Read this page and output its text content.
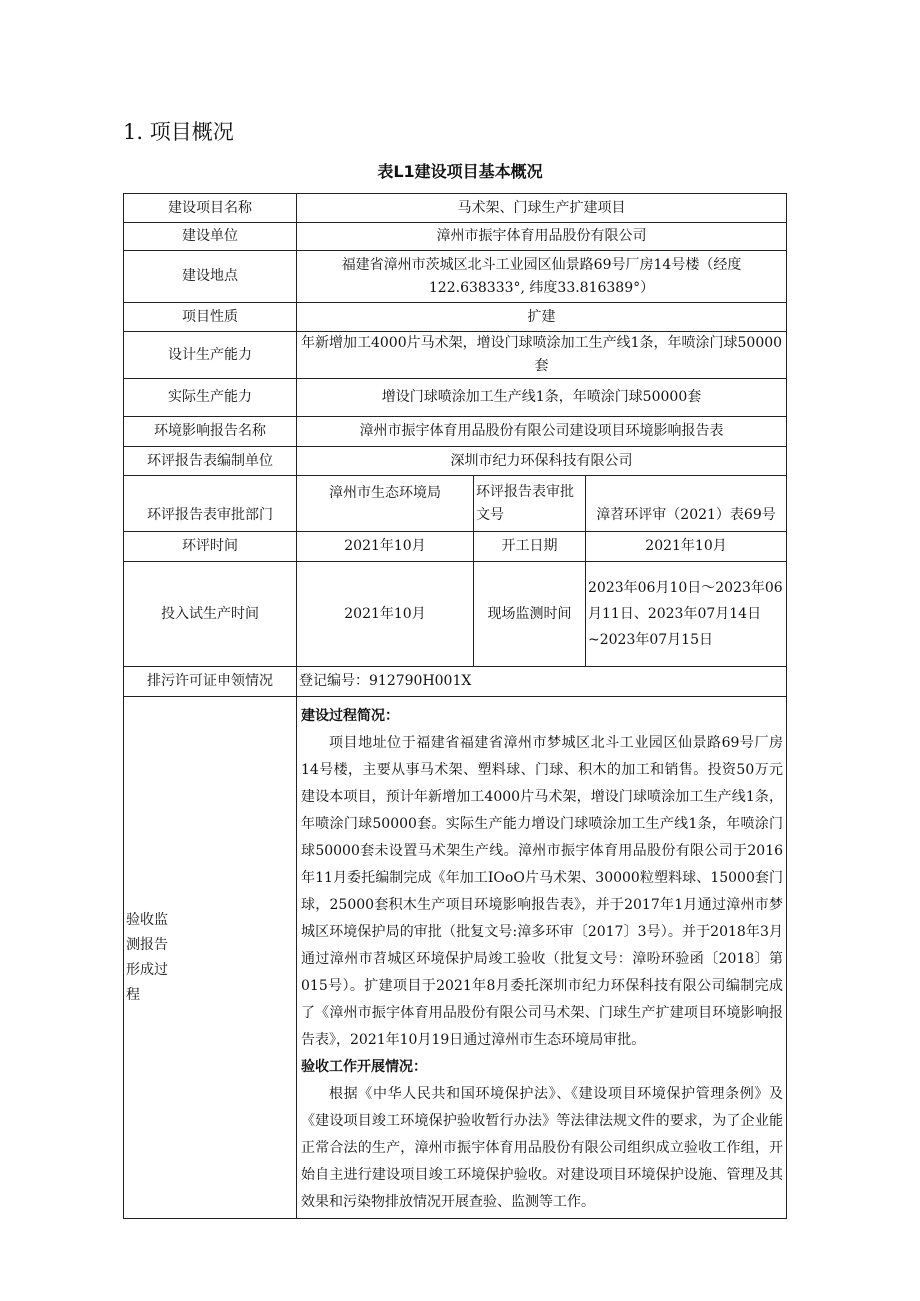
1. 项目概况
表L1建设项目基本概况
建设项目名称	马术架、门球生产扩建项目		
建设单位	漳州市振宇体育用品股份有限公司		
建设地点	福建省漳州市茨城区北斗工业园区仙景路69号厂房14号楼（经度122.638333°, 纬度33.816389°）		
项目性质	扩建		
设计生产能力	年新增加工4000片马术架，增设门球喷涂加工生产线1条，年喷涂门球50000套		
实际生产能力	增设门球喷涂加工生产线1条，年喷涂门球50000套		
环境影响报告名称	漳州市振宇体育用品股份有限公司建设项目环境影响报告表		
环评报告表编制单位	深圳市纪力环保科技有限公司		
环评报告表审批部门	漳州市生态环境局	环评报告表审批文号	漳苕环评审（2021）表69号
环评时间	2021年10月	开工日期	2021年10月
投入试生产时间	2021年10月	现场监测时间	2023年06月10日～2023年06月11日、2023年07月14日~2023年07月15日
排污许可证申领情况	登记编号：912790H001X		

验收监测报告形成过程	建设过程简况：

项目地址位于福建省福建省漳州市梦城区北斗工业园区仙景路69号厂房14号楼，主要从事马术架、塑料球、门球、积木的加工和销售。投资50万元建设本项目，预计年新增加工4000片马术架，增设门球喷涂加工生产线1条，年喷涂门球50000套。实际生产能力增设门球喷涂加工生产线1条，年喷涂门球50000套未设置马术架生产线。漳州市振宇体育用品股份有限公司于2016年11月委托编制完成《年加工IOoO片马术架、30000粒塑料球、15000套门球，25000套积木生产项目环境影响报告表》，并于2017年1月通过漳州市梦城区环境保护局的审批（批复文号:漳多环审〔2017〕3号）。并于2018年3月通过漳州市苕城区环境保护局竣工验收（批复文号：漳吩环验函〔2018〕第015号）。扩建项目于2021年8月委托深圳市纪力环保科技有限公司编制完成了《漳州市振宇体育用品股份有限公司马术架、门球生产扩建项目环境影响报告表》，2021年10月19日通过漳州市生态环境局审批。

验收工作开展情况：

根据《中华人民共和国环境保护法》、《建设项目环境保护管理条例》及《建设项目竣工环境保护验收暂行办法》等法律法规文件的要求，为了企业能正常合法的生产，漳州市振宇体育用品股份有限公司组织成立验收工作组，开始自主进行建设项目竣工环境保护验收。对建设项目环境保护设施、管理及其效果和污染物排放情况开展查验、监测等工作。		
